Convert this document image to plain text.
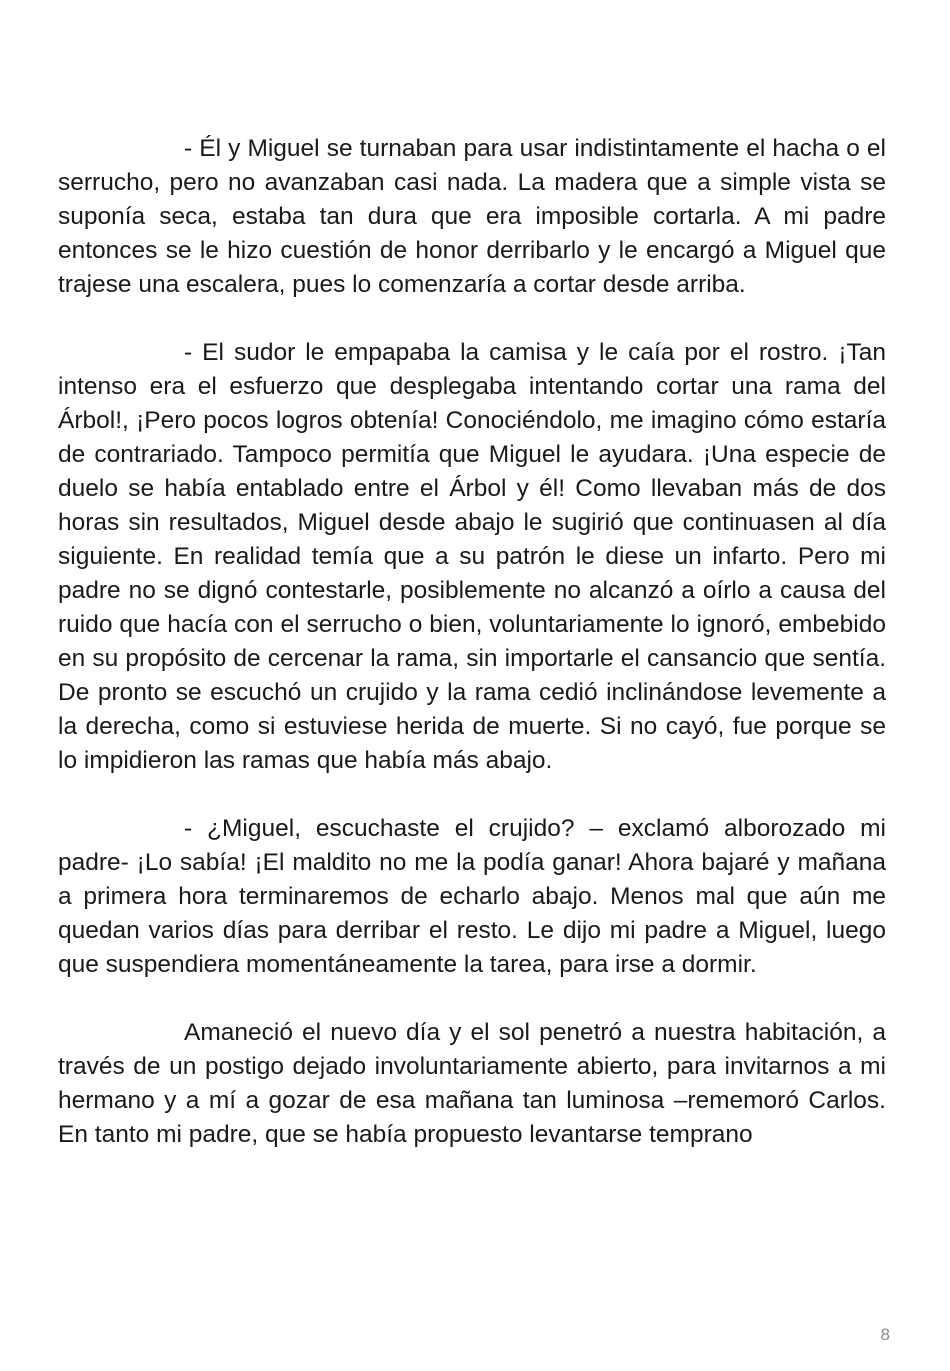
- Él y Miguel se turnaban para usar indistintamente el hacha o el serrucho, pero no avanzaban casi nada. La madera que a simple vista se suponía seca, estaba tan dura que era imposible cortarla. A mi padre entonces se le hizo cuestión de honor derribarlo y le encargó a Miguel que trajese una escalera, pues lo comenzaría a cortar desde arriba.

- El sudor le empapaba la camisa y le caía por el rostro. ¡Tan intenso era el esfuerzo que desplegaba intentando cortar una rama del Árbol!, ¡Pero pocos logros obtenía! Conociéndolo, me imagino cómo estaría de contrariado. Tampoco permitía que Miguel le ayudara. ¡Una especie de duelo se había entablado entre el Árbol y él! Como llevaban más de dos horas sin resultados, Miguel desde abajo le sugirió que continuasen al día siguiente. En realidad temía que a su patrón le diese un infarto. Pero mi padre no se dignó contestarle, posiblemente no alcanzó a oírlo a causa del ruido que hacía con el serrucho o bien, voluntariamente lo ignoró, embebido en su propósito de cercenar la rama, sin importarle el cansancio que sentía. De pronto se escuchó un crujido y la rama cedió inclinándose levemente a la derecha, como si estuviese herida de muerte. Si no cayó, fue porque se lo impidieron las ramas que había más abajo.

- ¿Miguel, escuchaste el crujido? – exclamó alborozado mi padre- ¡Lo sabía! ¡El maldito no me la podía ganar! Ahora bajaré y mañana a primera hora terminaremos de echarlo abajo. Menos mal que aún me quedan varios días para derribar el resto. Le dijo mi padre a Miguel, luego que suspendiera momentáneamente la tarea, para irse a dormir.

Amaneció el nuevo día y el sol penetró a nuestra habitación, a través de un postigo dejado involuntariamente abierto, para invitarnos a mi hermano y a mí a gozar de esa mañana tan luminosa –rememoró Carlos. En tanto mi padre, que se había propuesto levantarse temprano

8
